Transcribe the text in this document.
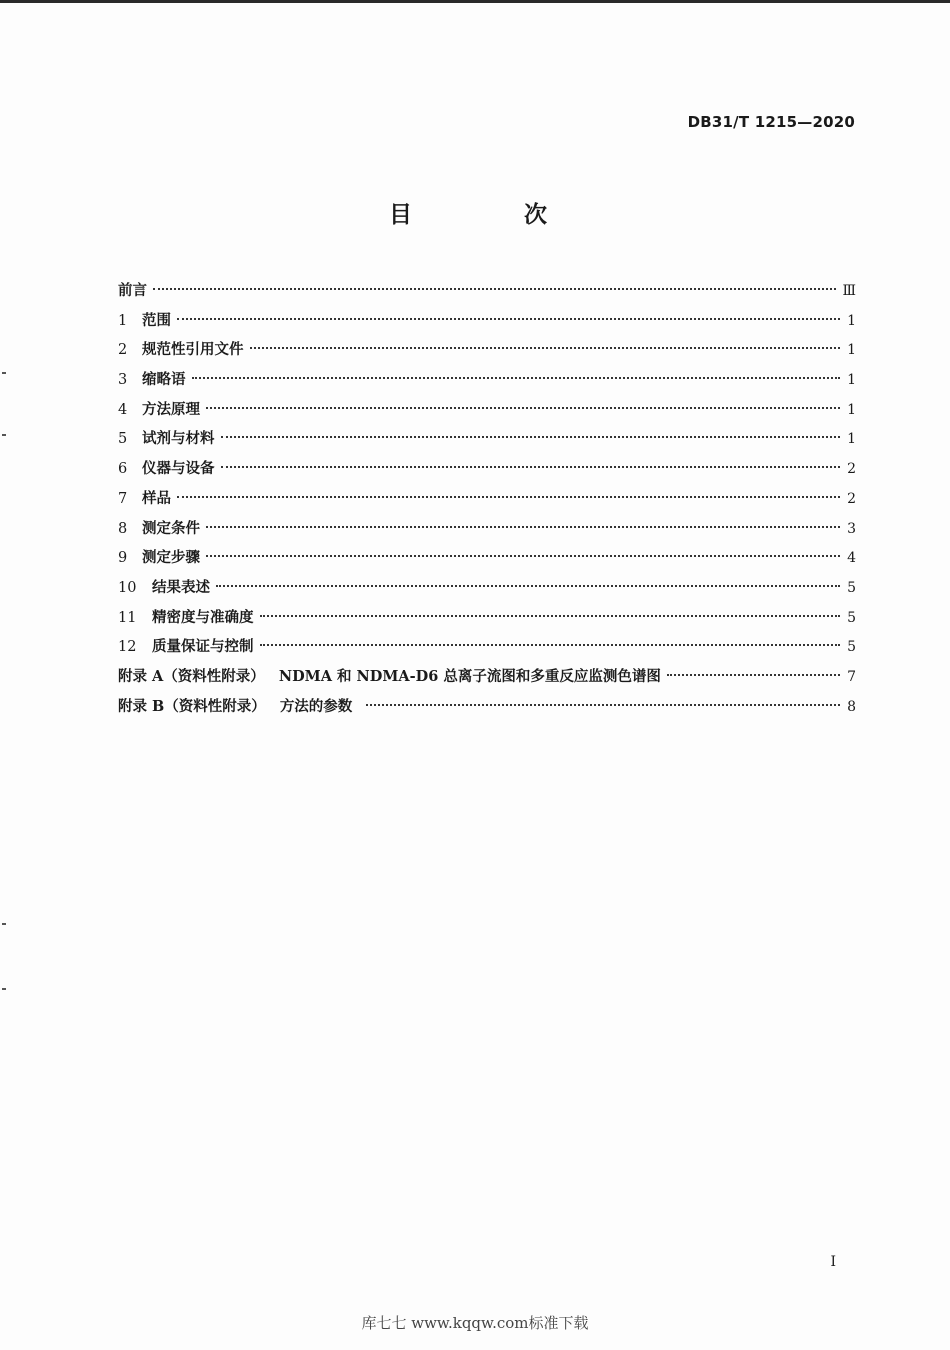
DB31/T 1215—2020
目 次
前言	Ⅲ
1	范围	1
2	规范性引用文件	1
3	缩略语	1
4	方法原理	1
5	试剂与材料	1
6	仪器与设备	2
7	样品	2
8	测定条件	3
9	测定步骤	4
10	结果表述	5
11	精密度与准确度	5
12	质量保证与控制	5
附录 A（资料性附录） NDMA 和 NDMA-D6 总离子流图和多重反应监测色谱图	7
附录 B（资料性附录） 方法的参数	8
I
库七七 www.kqqw.com标准下载
